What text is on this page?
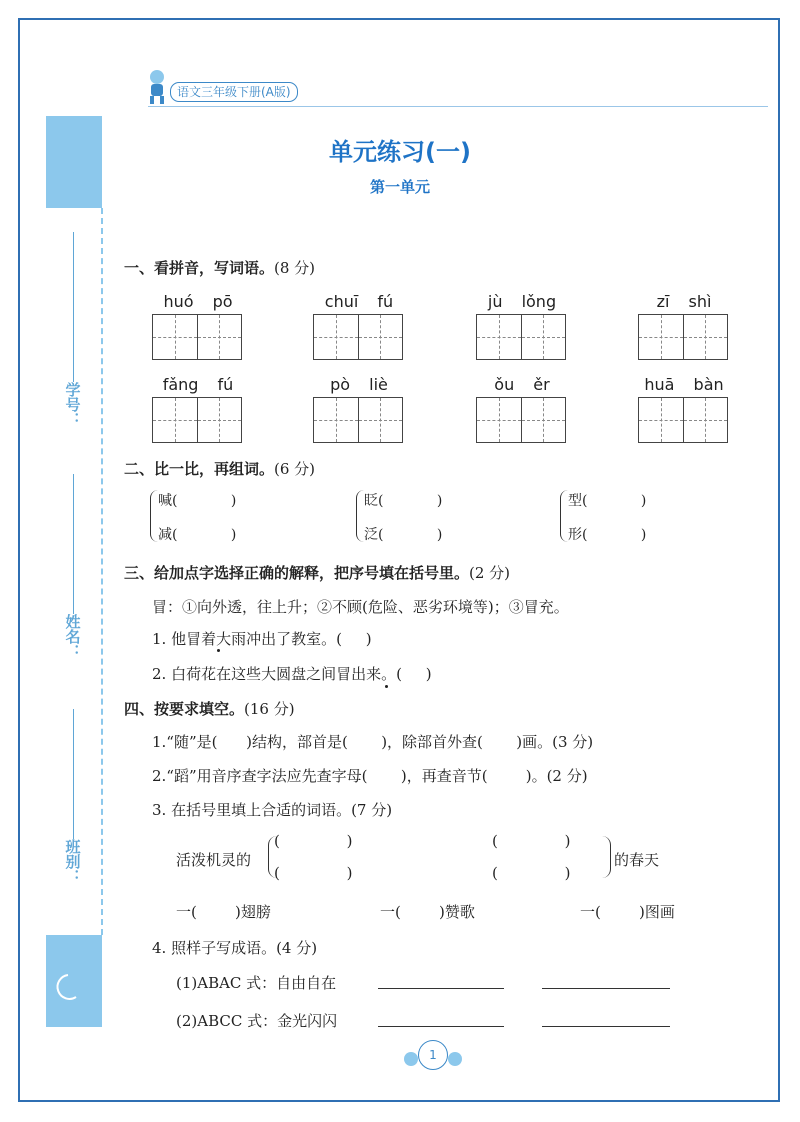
学号：
姓名：
班别：
语文三年级下册(A版)
单元练习(一)
第一单元
一、看拼音，写词语。(8 分)
huó pō	chuī fú	jù lǒng	zī shì
fǎng fú	pò liè	ǒu ěr	huā bàn
二、比一比，再组词。(6 分)
喊(            )
减(            )
眨(            )
泛(            )
型(            )
形(            )
三、给加点字选择正确的解释，把序号填在括号里。(2 分)
冒：①向外透，往上升；②不顾(危险、恶劣环境等)；③冒充。
1. 他冒着大雨冲出了教室。(     )
2. 白荷花在这些大圆盘之间冒出来。(     )
四、按要求填空。(16 分)
1.“随”是(      )结构，部首是(       )，除部首外查(       )画。(3 分)
2.“蹈”用音序查字法应先查字母(       )，再查音节(        )。(2 分)
3. 在括号里填上合适的词语。(7 分)
活泼机灵的
(              )
(              )
(              )
(              )
的春天
一(        )翅膀	一(        )赞歌	一(        )图画
4. 照样子写成语。(4 分)
(1)ABAC 式：自由自在
(2)ABCC 式：金光闪闪
1
